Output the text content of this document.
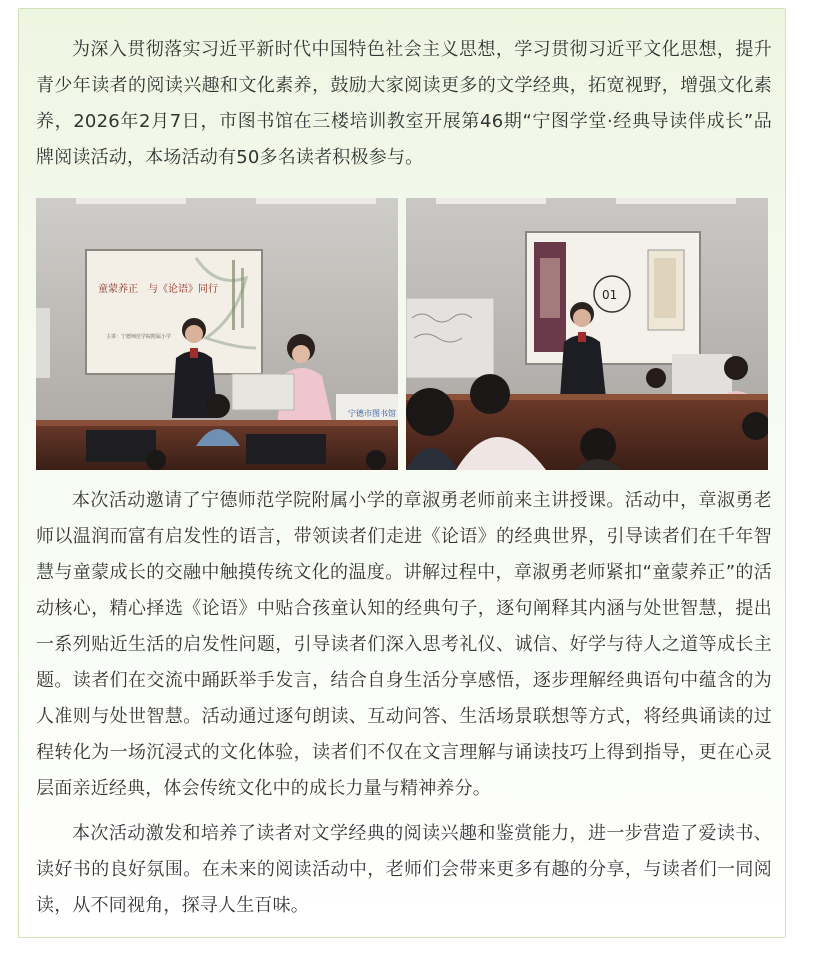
为深入贯彻落实习近平新时代中国特色社会主义思想，学习贯彻习近平文化思想，提升青少年读者的阅读兴趣和文化素养，鼓励大家阅读更多的文学经典，拓宽视野，增强文化素养，2026年2月7日，市图书馆在三楼培训教室开展第46期“宁图学堂·经典导读伴成长”品牌阅读活动，本场活动有50多名读者积极参与。

童蒙养正　与《论语》同行
主讲：宁德师范学院附属小学
宁德市图书馆
01

本次活动邀请了宁德师范学院附属小学的章淑勇老师前来主讲授课。活动中，章淑勇老师以温润而富有启发性的语言，带领读者们走进《论语》的经典世界，引导读者们在千年智慧与童蒙成长的交融中触摸传统文化的温度。讲解过程中，章淑勇老师紧扣“童蒙养正”的活动核心，精心择选《论语》中贴合孩童认知的经典句子，逐句阐释其内涵与处世智慧，提出一系列贴近生活的启发性问题，引导读者们深入思考礼仪、诚信、好学与待人之道等成长主题。读者们在交流中踊跃举手发言，结合自身生活分享感悟，逐步理解经典语句中蕴含的为人准则与处世智慧。活动通过逐句朗读、互动问答、生活场景联想等方式，将经典诵读的过程转化为一场沉浸式的文化体验，读者们不仅在文言理解与诵读技巧上得到指导，更在心灵层面亲近经典，体会传统文化中的成长力量与精神养分。

本次活动激发和培养了读者对文学经典的阅读兴趣和鉴赏能力，进一步营造了爱读书、读好书的良好氛围。在未来的阅读活动中，老师们会带来更多有趣的分享，与读者们一同阅读，从不同视角，探寻人生百味。
